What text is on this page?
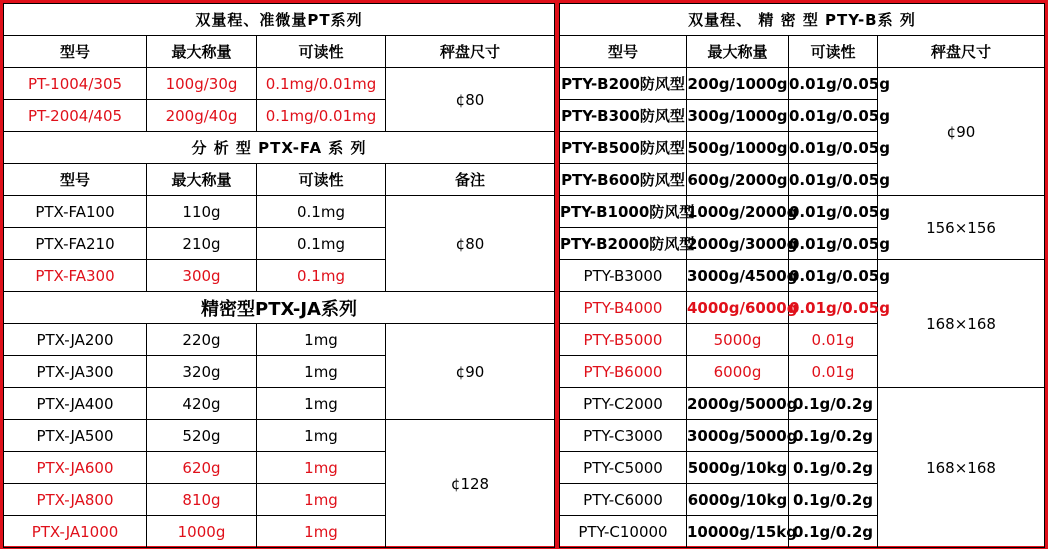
双量程、准微量PT系列			
型号	最大称量	可读性	秤盘尺寸
PT-1004/305	100g/30g	0.1mg/0.01mg	¢80
PT-2004/405	200g/40g	0.1mg/0.01mg	
分 析 型 PTX-FA 系 列			
型号	最大称量	可读性	备注
PTX-FA100	110g	0.1mg	¢80
PTX-FA210	210g	0.1mg	
PTX-FA300	300g	0.1mg	
精密型PTX-JA系列			
PTX-JA200	220g	1mg	¢90
PTX-JA300	320g	1mg	
PTX-JA400	420g	1mg	
PTX-JA500	520g	1mg	¢128
PTX-JA600	620g	1mg	
PTX-JA800	810g	1mg	
PTX-JA1000	1000g	1mg	
双量程、 精 密 型 PTY-B系 列			
型号	最大称量	可读性	秤盘尺寸
PTY-B200防风型	200g/1000g	0.01g/0.05g	¢90
PTY-B300防风型	300g/1000g	0.01g/0.05g	
PTY-B500防风型	500g/1000g	0.01g/0.05g	
PTY-B600防风型	600g/2000g	0.01g/0.05g	
PTY-B1000防风型	1000g/2000g	0.01g/0.05g	156×156
PTY-B2000防风型	2000g/3000g	0.01g/0.05g	
PTY-B3000	3000g/4500g	0.01g/0.05g	168×168
PTY-B4000	4000g/6000g	0.01g/0.05g	
PTY-B5000	5000g	0.01g	
PTY-B6000	6000g	0.01g	
PTY-C2000	2000g/5000g	0.1g/0.2g	168×168
PTY-C3000	3000g/5000g	0.1g/0.2g	
PTY-C5000	5000g/10kg	0.1g/0.2g	
PTY-C6000	6000g/10kg	0.1g/0.2g	
PTY-C10000	10000g/15kg	0.1g/0.2g	
